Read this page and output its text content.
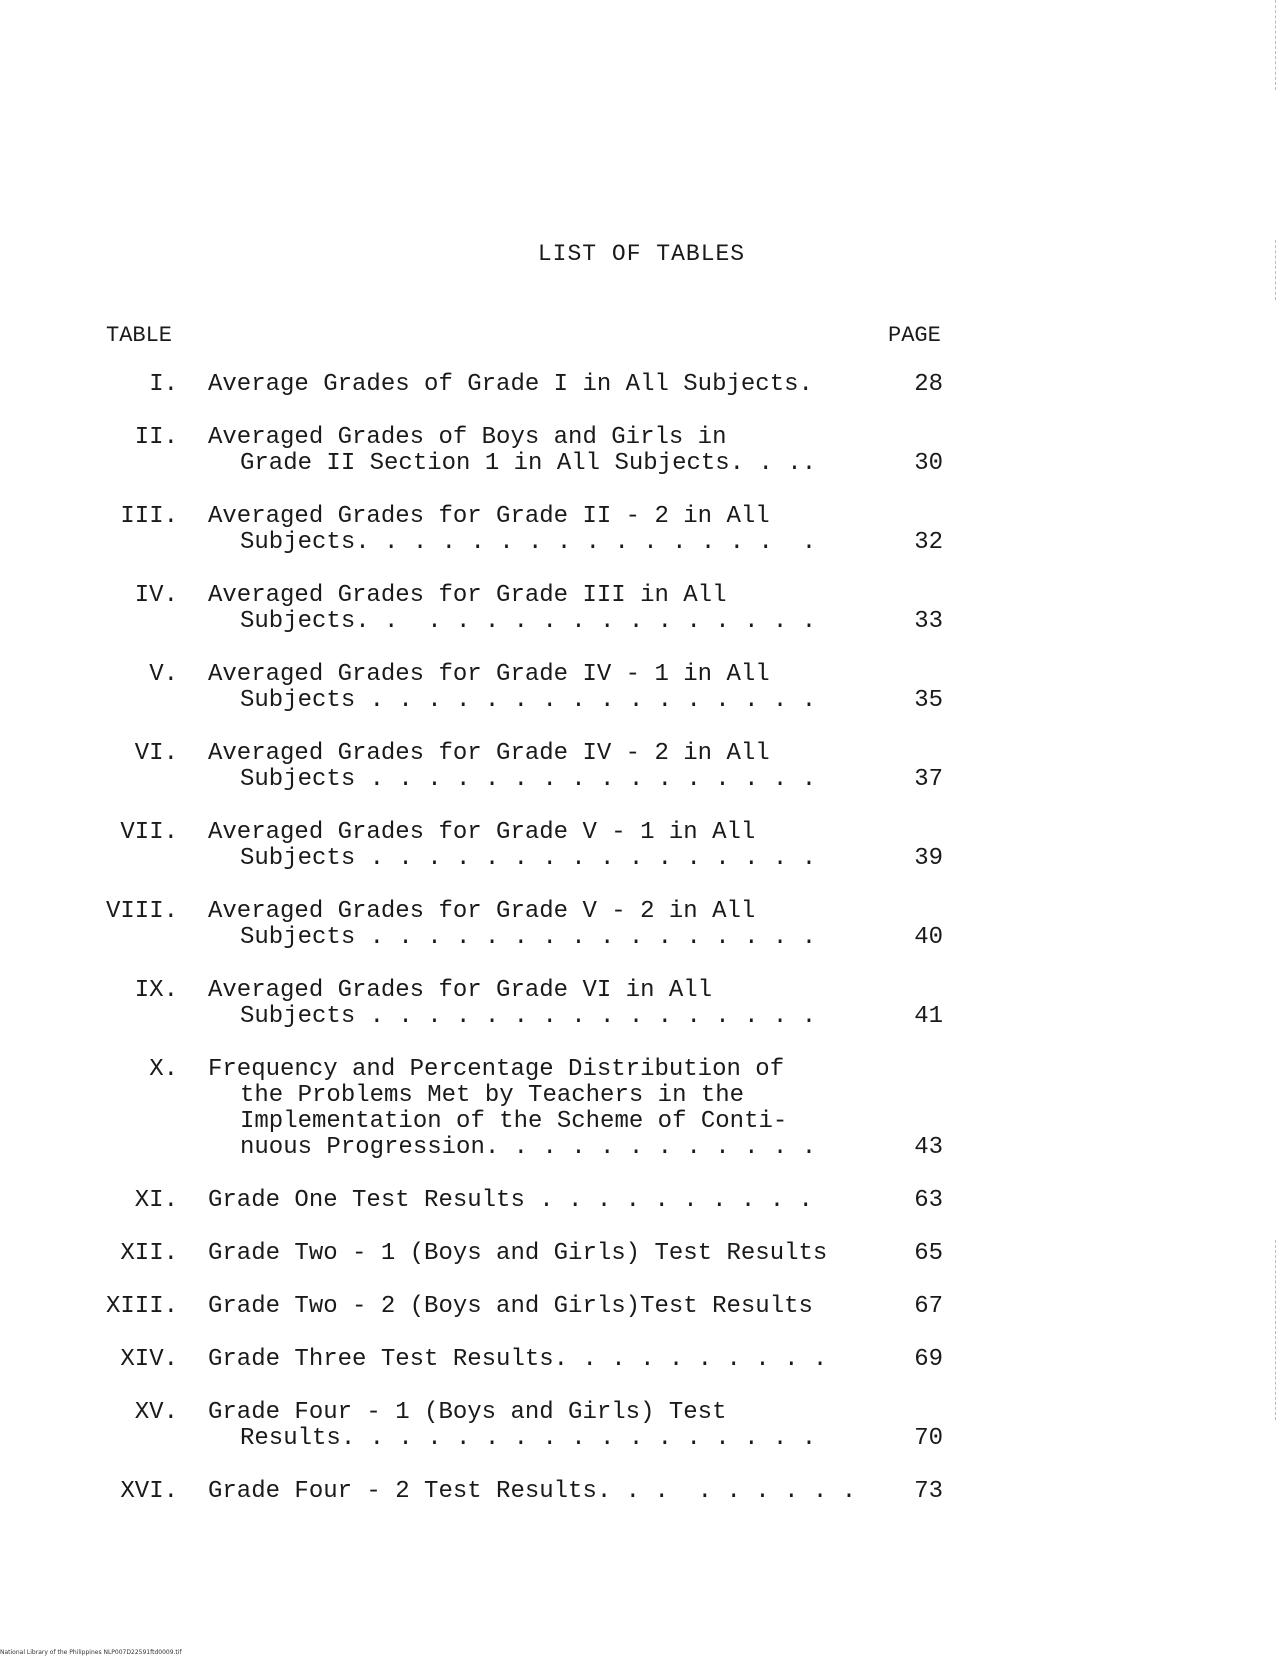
LIST OF TABLES
TABLE	PAGE
I. Average Grades of Grade I in All Subjects.	28
II. Averaged Grades of Boys and Girls in
Grade II Section 1 in All Subjects. . ..	30
III. Averaged Grades for Grade II - 2 in All
Subjects. . . . . . . . . . . . . . .  .	32
IV. Averaged Grades for Grade III in All
Subjects. .  . . . . . . . . . . . . . .	33
V. Averaged Grades for Grade IV - 1 in All
Subjects . . . . . . . . . . . . . . . .	35
VI. Averaged Grades for Grade IV - 2 in All
Subjects . . . . . . . . . . . . . . . .	37
VII. Averaged Grades for Grade V - 1 in All
Subjects . . . . . . . . . . . . . . . .	39
VIII. Averaged Grades for Grade V - 2 in All
Subjects . . . . . . . . . . . . . . . .	40
IX. Averaged Grades for Grade VI in All
Subjects . . . . . . . . . . . . . . . .	41
X. Frequency and Percentage Distribution of
the Problems Met by Teachers in the
Implementation of the Scheme of Conti-
nuous Progression. . . . . . . . . . . .	43
XI. Grade One Test Results . . . . . . . . . .	63
XII. Grade Two - 1 (Boys and Girls) Test Results	65
XIII. Grade Two - 2 (Boys and Girls)Test Results	67
XIV. Grade Three Test Results. . . . . . . . . .	69
XV. Grade Four - 1 (Boys and Girls) Test
Results. . . . . . . . . . . . . . . . .	70
XVI. Grade Four - 2 Test Results. . .  . . . . . .	73
National Library of the Philippines NLP007D22591ftd0009.tif
